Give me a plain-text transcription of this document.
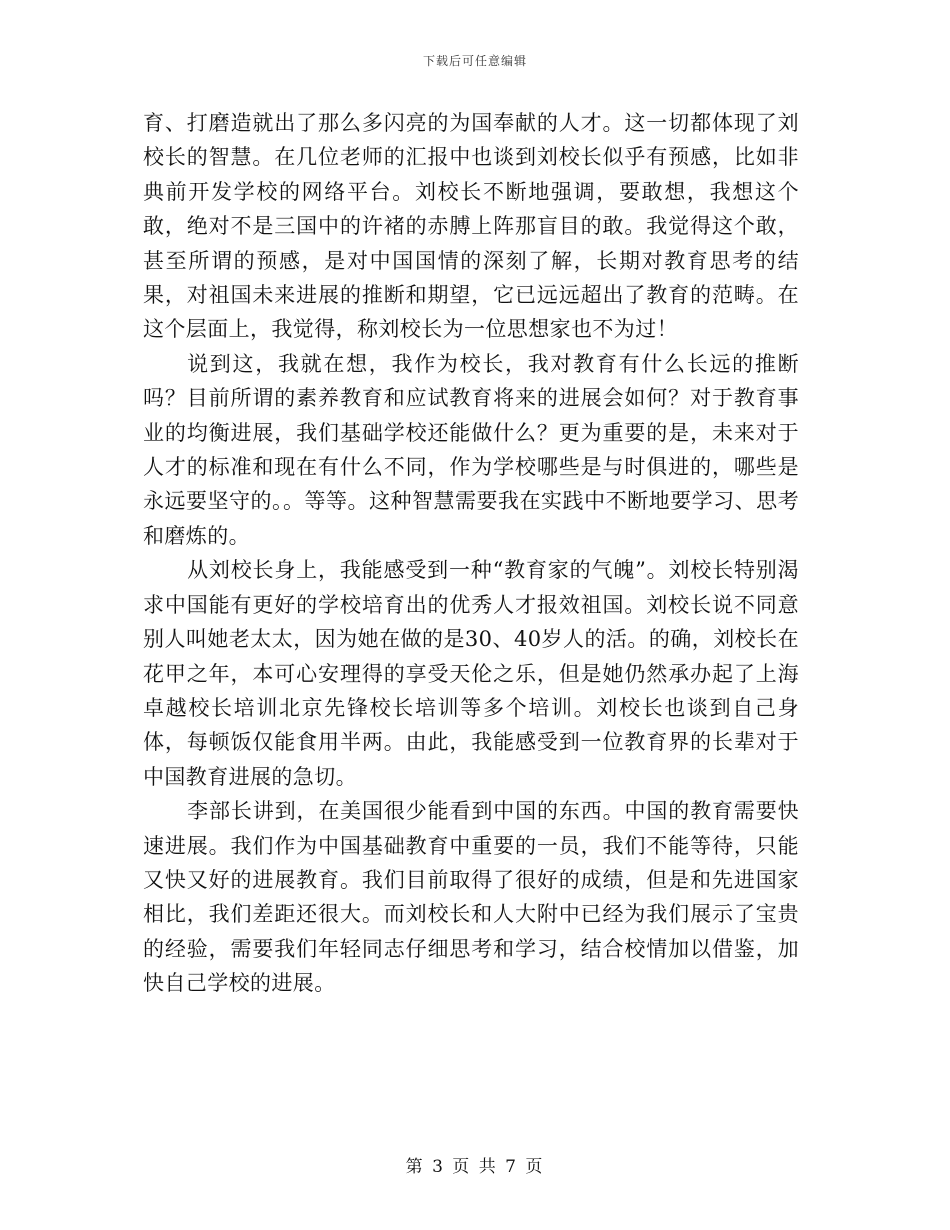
下载后可任意编辑

育、打磨造就出了那么多闪亮的为国奉献的人才。这一切都体现了刘校长的智慧。在几位老师的汇报中也谈到刘校长似乎有预感，比如非典前开发学校的网络平台。刘校长不断地强调，要敢想，我想这个敢，绝对不是三国中的许褚的赤膊上阵那盲目的敢。我觉得这个敢，甚至所谓的预感，是对中国国情的深刻了解，长期对教育思考的结果，对祖国未来进展的推断和期望，它已远远超出了教育的范畴。在这个层面上，我觉得，称刘校长为一位思想家也不为过！

说到这，我就在想，我作为校长，我对教育有什么长远的推断吗？目前所谓的素养教育和应试教育将来的进展会如何？对于教育事业的均衡进展，我们基础学校还能做什么？更为重要的是，未来对于人才的标准和现在有什么不同，作为学校哪些是与时俱进的，哪些是永远要坚守的。。等等。这种智慧需要我在实践中不断地要学习、思考和磨炼的。

从刘校长身上，我能感受到一种“教育家的气魄”。刘校长特别渴求中国能有更好的学校培育出的优秀人才报效祖国。刘校长说不同意别人叫她老太太，因为她在做的是30、40岁人的活。的确，刘校长在花甲之年，本可心安理得的享受天伦之乐，但是她仍然承办起了上海卓越校长培训北京先锋校长培训等多个培训。刘校长也谈到自己身体，每顿饭仅能食用半两。由此，我能感受到一位教育界的长辈对于中国教育进展的急切。

李部长讲到，在美国很少能看到中国的东西。中国的教育需要快速进展。我们作为中国基础教育中重要的一员，我们不能等待，只能又快又好的进展教育。我们目前取得了很好的成绩，但是和先进国家相比，我们差距还很大。而刘校长和人大附中已经为我们展示了宝贵的经验，需要我们年轻同志仔细思考和学习，结合校情加以借鉴，加快自己学校的进展。

第 3 页 共 7 页
